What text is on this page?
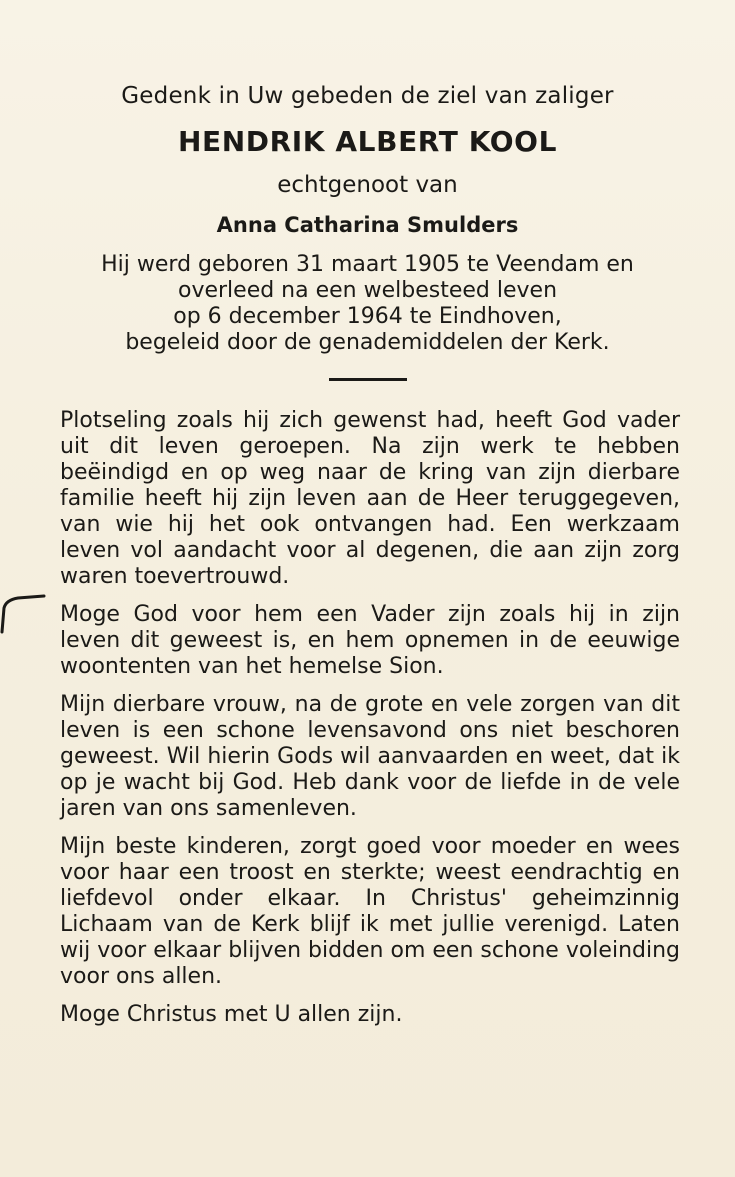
Gedenk in Uw gebeden de ziel van zaliger
HENDRIK ALBERT KOOL
echtgenoot van
Anna Catharina Smulders
Hij werd geboren 31 maart 1905 te Veendam en
overleed na een welbesteed leven
op 6 december 1964 te Eindhoven,
begeleid door de genademiddelen der Kerk.

Plotseling zoals hij zich gewenst had, heeft God vader uit dit leven geroepen. Na zijn werk te hebben beëindigd en op weg naar de kring van zijn dierbare familie heeft hij zijn leven aan de Heer teruggegeven, van wie hij het ook ontvangen had. Een werkzaam leven vol aandacht voor al degenen, die aan zijn zorg waren toevertrouwd.

Moge God voor hem een Vader zijn zoals hij in zijn leven dit geweest is, en hem opnemen in de eeuwige woontenten van het hemelse Sion.

Mijn dierbare vrouw, na de grote en vele zorgen van dit leven is een schone levensavond ons niet beschoren geweest. Wil hierin Gods wil aanvaarden en weet, dat ik op je wacht bij God. Heb dank voor de liefde in de vele jaren van ons samenleven.

Mijn beste kinderen, zorgt goed voor moeder en wees voor haar een troost en sterkte; weest eendrachtig en liefdevol onder elkaar. In Christus' geheimzinnig Lichaam van de Kerk blijf ik met jullie verenigd. Laten wij voor elkaar blijven bidden om een schone voleinding voor ons allen.

Moge Christus met U allen zijn.
